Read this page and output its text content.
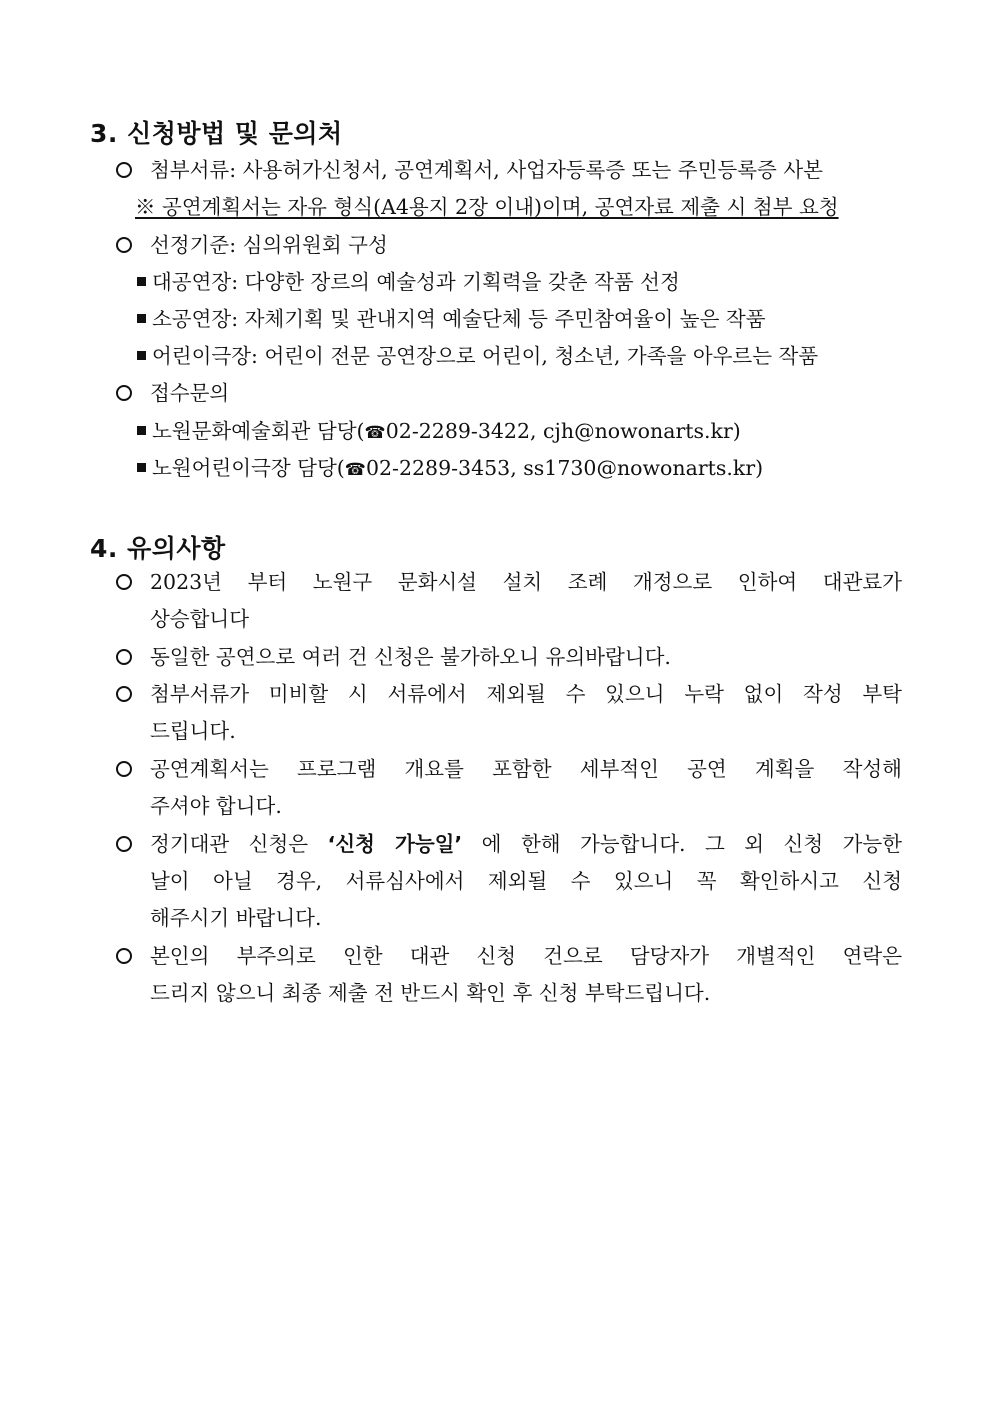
3. 신청방법 및 문의처
첨부서류: 사용허가신청서, 공연계획서, 사업자등록증 또는 주민등록증 사본
※ 공연계획서는 자유 형식(A4용지 2장 이내)이며, 공연자료 제출 시 첨부 요청
선정기준: 심의위원회 구성
대공연장: 다양한 장르의 예술성과 기획력을 갖춘 작품 선정
소공연장: 자체기획 및 관내지역 예술단체 등 주민참여율이 높은 작품
어린이극장: 어린이 전문 공연장으로 어린이, 청소년, 가족을 아우르는 작품
접수문의
노원문화예술회관 담당(☎02-2289-3422, cjh@nowonarts.kr)
노원어린이극장 담당(☎02-2289-3453, ss1730@nowonarts.kr)
4. 유의사항
2023년 부터 노원구 문화시설 설치 조례 개정으로 인하여 대관료가
상승합니다
동일한 공연으로 여러 건 신청은 불가하오니 유의바랍니다.
첨부서류가 미비할 시 서류에서 제외될 수 있으니 누락 없이 작성 부탁
드립니다.
공연계획서는 프로그램 개요를 포함한 세부적인 공연 계획을 작성해
주셔야 합니다.
정기대관 신청은 ‘신청 가능일’ 에 한해 가능합니다. 그 외 신청 가능한
날이 아닐 경우, 서류심사에서 제외될 수 있으니 꼭 확인하시고 신청
해주시기 바랍니다.
본인의 부주의로 인한 대관 신청 건으로 담당자가 개별적인 연락은
드리지 않으니 최종 제출 전 반드시 확인 후 신청 부탁드립니다.
